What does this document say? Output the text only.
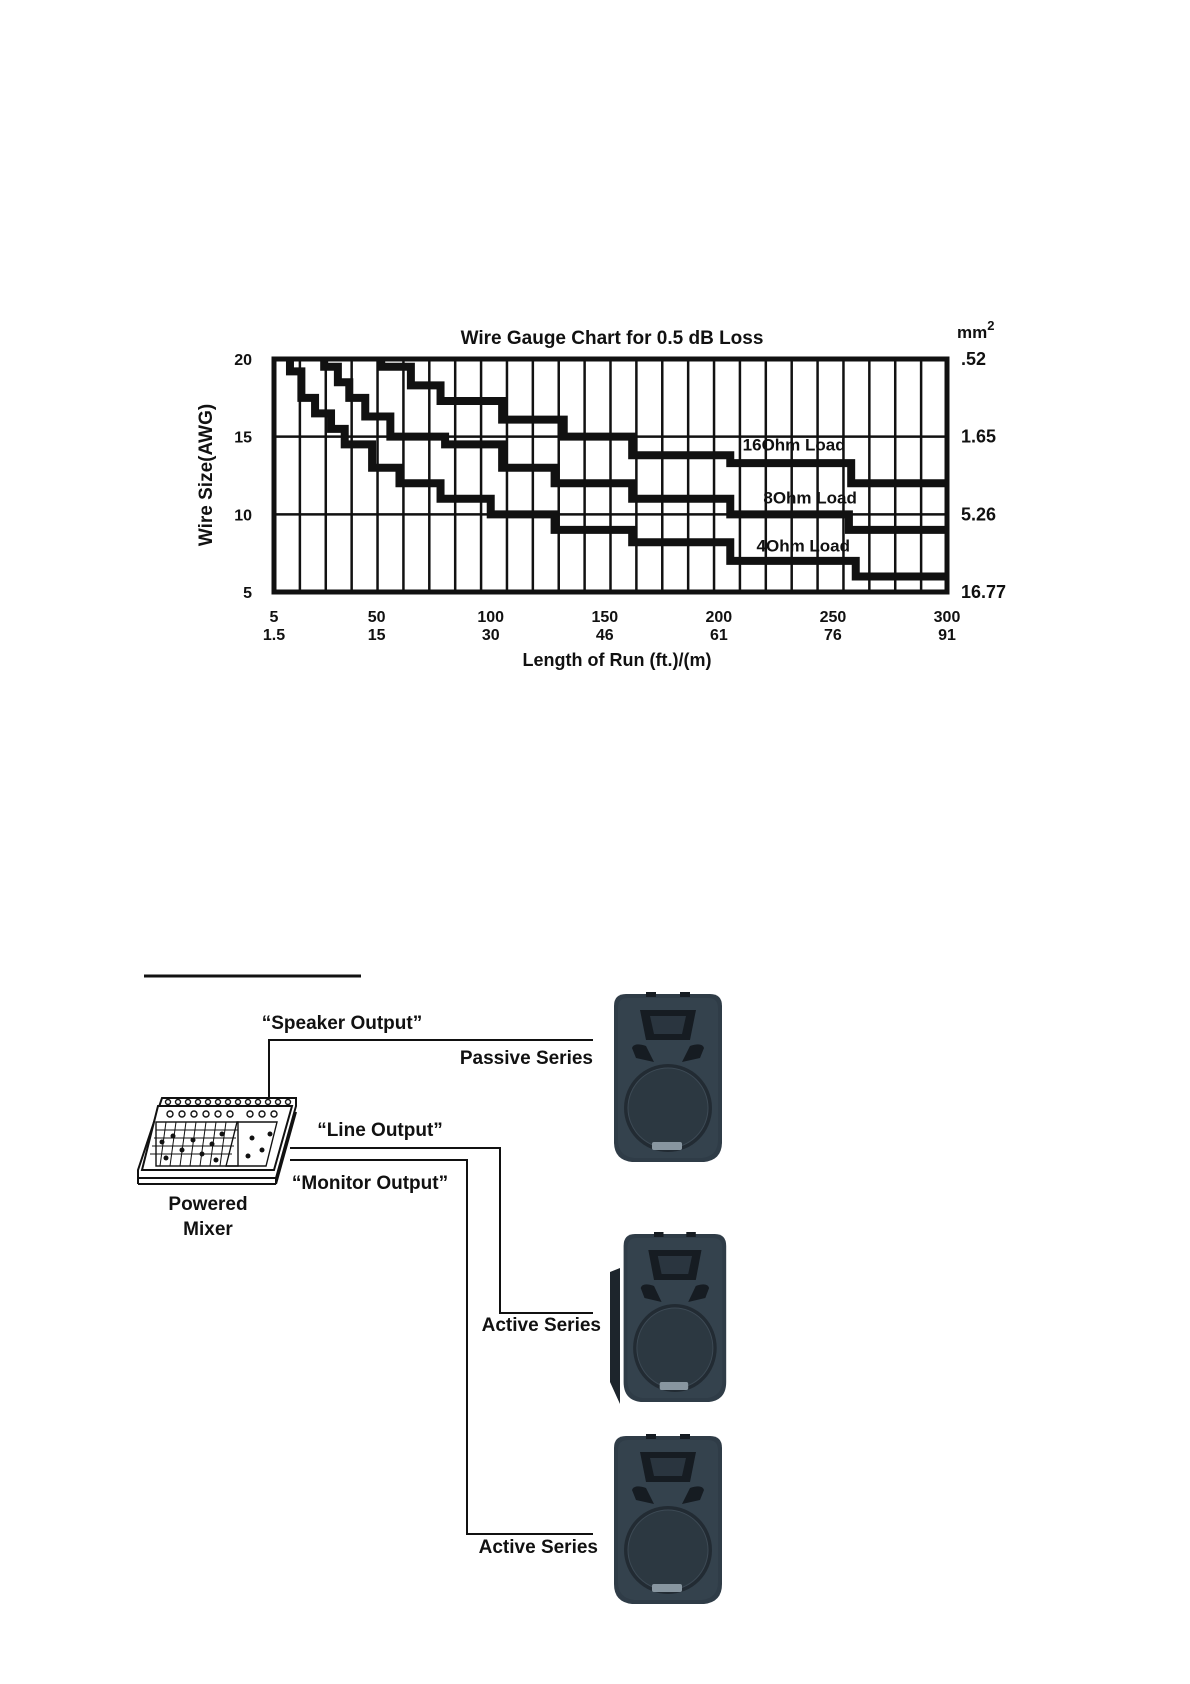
Wire Gauge Chart for 0.5 dB Loss	$mm^2$
Wire Size(AWG)
Length of Run (ft.)/(m)
5
1.5
50
15
100
30
150
46
200
61
250
76
300
91
20
15
10
5
.52
1.65
5.26
16.77
16Ohm Load
8Ohm Load
4Ohm Load
“Speaker Output”
“Line Output”
“Monitor Output”
Powered
Mixer
Passive Series
Active Series
Active Series
